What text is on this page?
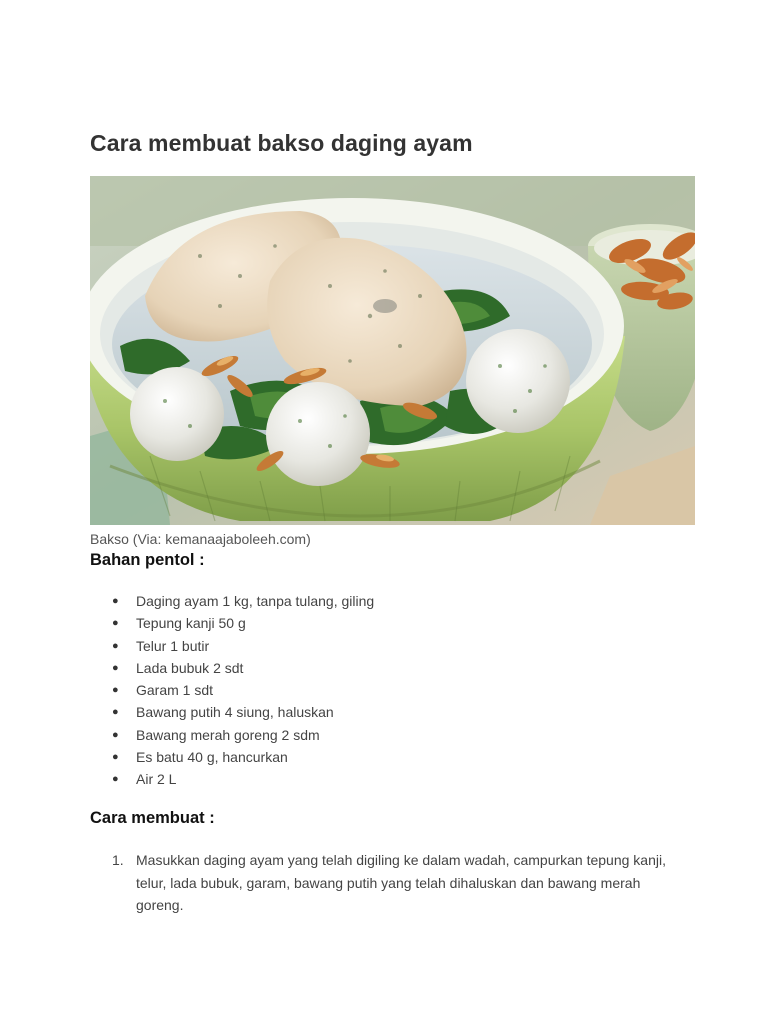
Cara membuat bakso daging ayam
Bakso (Via: kemanaajaboleeh.com)
Bahan pentol :
● Daging ayam 1 kg, tanpa tulang, giling
● Tepung kanji 50 g
● Telur 1 butir
● Lada bubuk 2 sdt
● Garam 1 sdt
● Bawang putih 4 siung, haluskan
● Bawang merah goreng 2 sdm
● Es batu 40 g, hancurkan
● Air 2 L
Cara membuat :
1. Masukkan daging ayam yang telah digiling ke dalam wadah, campurkan tepung kanji, telur, lada bubuk, garam, bawang putih yang telah dihaluskan dan bawang merah goreng.
